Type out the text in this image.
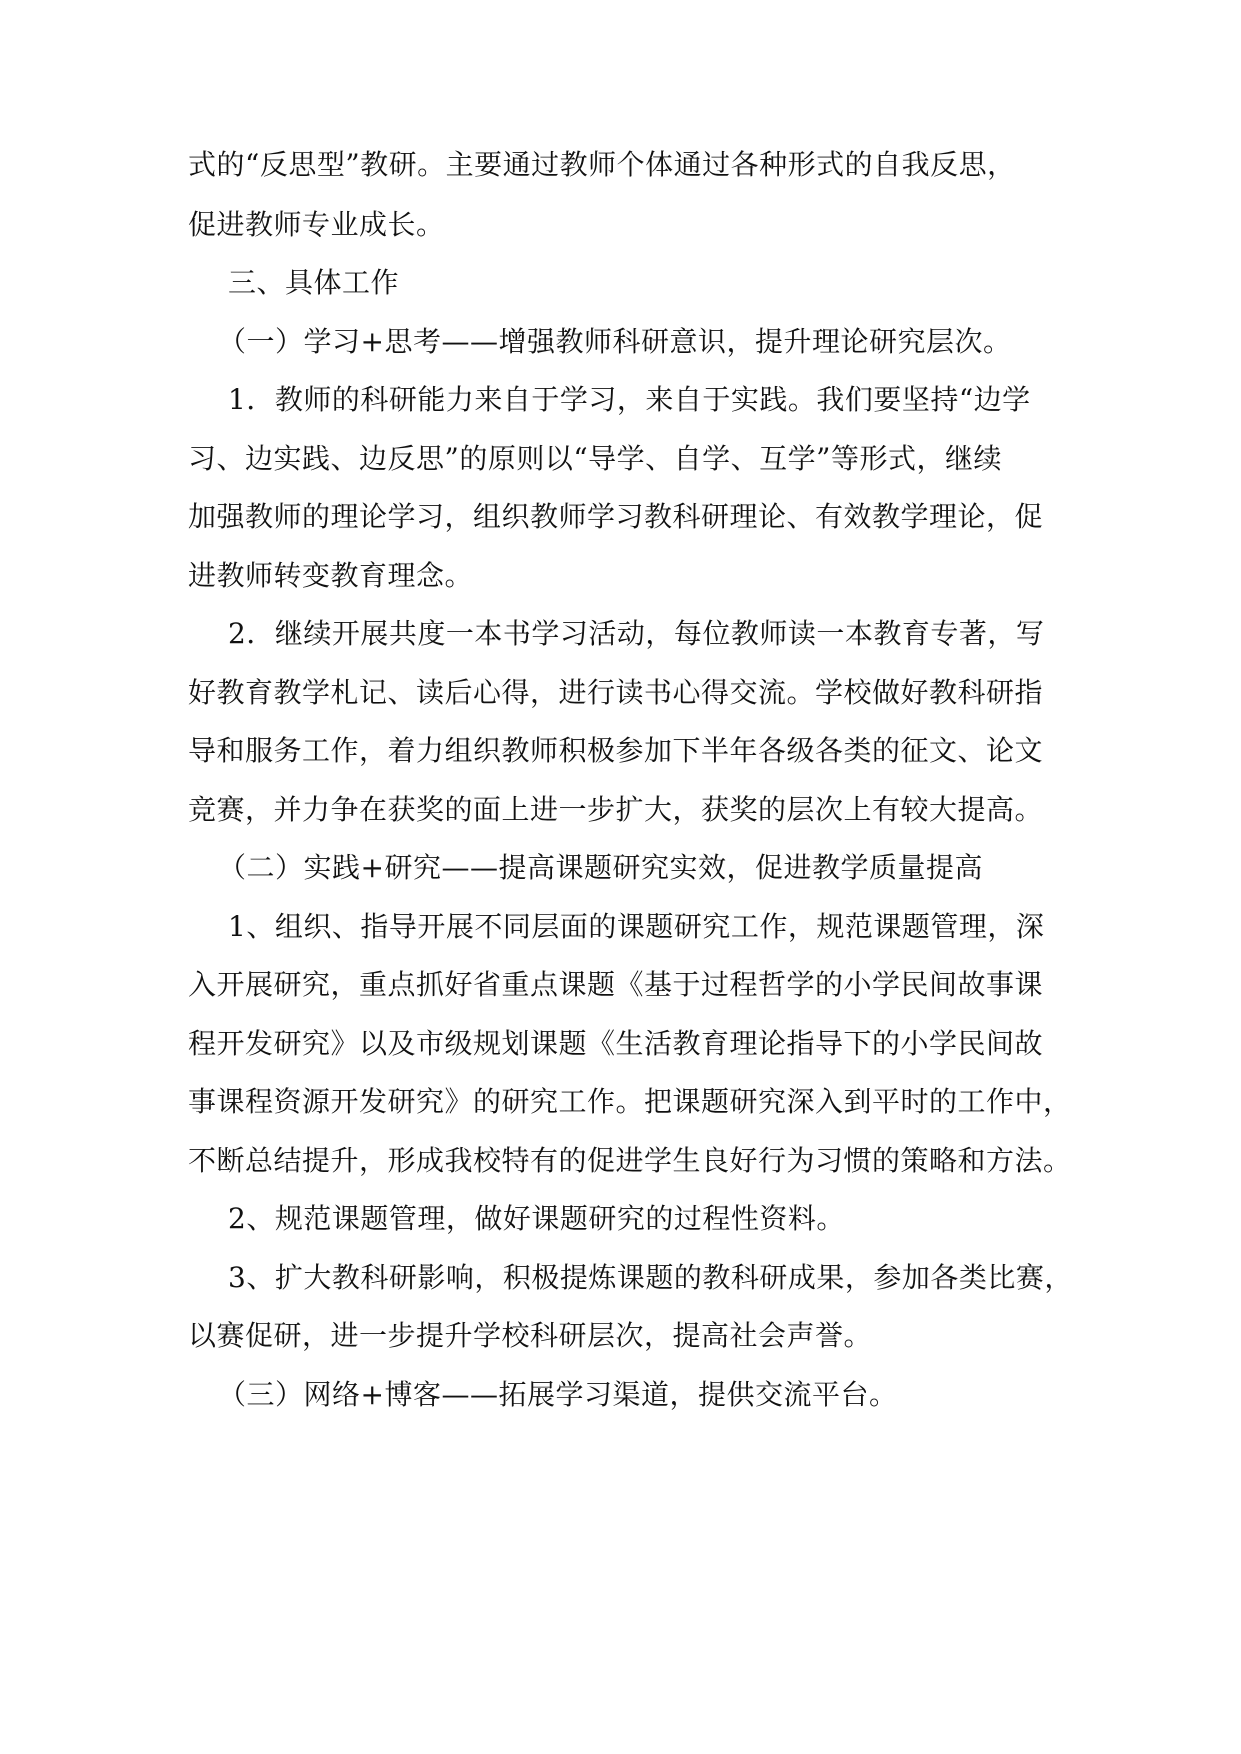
式的“反思型”教研。主要通过教师个体通过各种形式的自我反思，
促进教师专业成长。
三、具体工作
（一）学习+思考——增强教师科研意识，提升理论研究层次。
1．教师的科研能力来自于学习，来自于实践。我们要坚持“边学
习、边实践、边反思”的原则以“导学、自学、互学”等形式，继续
加强教师的理论学习，组织教师学习教科研理论、有效教学理论，促
进教师转变教育理念。
2．继续开展共度一本书学习活动，每位教师读一本教育专著，写
好教育教学札记、读后心得，进行读书心得交流。学校做好教科研指
导和服务工作，着力组织教师积极参加下半年各级各类的征文、论文
竞赛，并力争在获奖的面上进一步扩大，获奖的层次上有较大提高。
（二）实践+研究——提高课题研究实效，促进教学质量提高
1、组织、指导开展不同层面的课题研究工作，规范课题管理，深
入开展研究，重点抓好省重点课题《基于过程哲学的小学民间故事课
程开发研究》以及市级规划课题《生活教育理论指导下的小学民间故
事课程资源开发研究》的研究工作。把课题研究深入到平时的工作中，
不断总结提升，形成我校特有的促进学生良好行为习惯的策略和方法。
2、规范课题管理，做好课题研究的过程性资料。
3、扩大教科研影响，积极提炼课题的教科研成果，参加各类比赛，
以赛促研，进一步提升学校科研层次，提高社会声誉。
（三）网络+博客——拓展学习渠道，提供交流平台。
